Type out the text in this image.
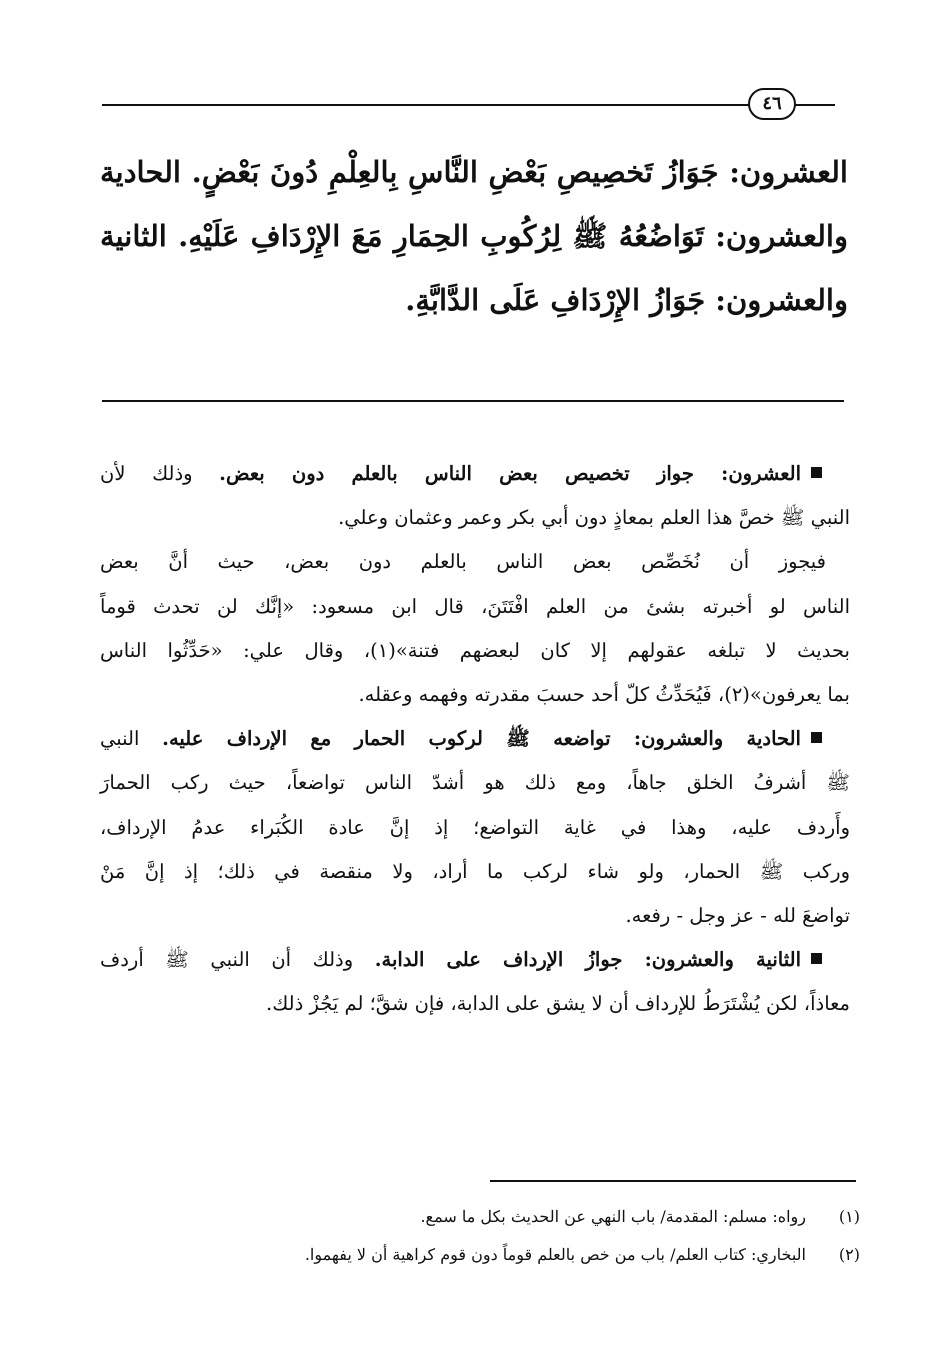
٤٦
العشرون: جَوَازُ تَخصِيصِ بَعْضِ النَّاسِ بِالعِلْمِ دُونَ بَعْضٍ. الحادية
والعشرون: تَوَاضُعُهُ ﷺ لِرُكُوبِ الحِمَارِ مَعَ الإِرْدَافِ عَلَيْهِ. الثانية
والعشرون: جَوَازُ الإِرْدَافِ عَلَى الدَّابَّةِ.
العشرون: جواز تخصيص بعض الناس بالعلم دون بعض. وذلك لأن
النبي ﷺ خصَّ هذا العلم بمعاذٍ دون أبي بكر وعمر وعثمان وعلي.
فيجوز أن نُخَصِّص بعض الناس بالعلم دون بعض، حيث أنَّ بعض
الناس لو أخبرته بشئ من العلم افْتَتَنَ، قال ابن مسعود: «إنَّك لن تحدث قوماً
بحديث لا تبلغه عقولهم إلا كان لبعضهم فتنة»(١)، وقال علي: «حَدِّثُوا الناس
بما يعرفون»(٢)، فَيُحَدِّثُ كلّ أحد حسبَ مقدرته وفهمه وعقله.
الحادية والعشرون: تواضعه ﷺ لركوب الحمار مع الإرداف عليه. النبي
ﷺ أشرفُ الخلق جاهاً، ومع ذلك هو أشدّ الناس تواضعاً، حيث ركب الحمارَ
وأَردف عليه، وهذا في غاية التواضع؛ إذ إنَّ عادة الكُبَراء عدمُ الإرداف،
وركب ﷺ الحمار، ولو شاء لركب ما أراد، ولا منقصة في ذلك؛ إذ إنَّ مَنْ
تواضعَ لله - عز وجل - رفعه.
الثانية والعشرون: جوازُ الإرداف على الدابة. وذلك أن النبي ﷺ أردف
معاذاً، لكن يُشْتَرَطُ للإرداف أن لا يشق على الدابة، فإن شقَّ؛ لم يَجُزْ ذلك.
(١)رواه: مسلم: المقدمة/ باب النهي عن الحديث بكل ما سمع.
(٢)البخاري: كتاب العلم/ باب من خص بالعلم قوماً دون قوم كراهية أن لا يفهموا.
